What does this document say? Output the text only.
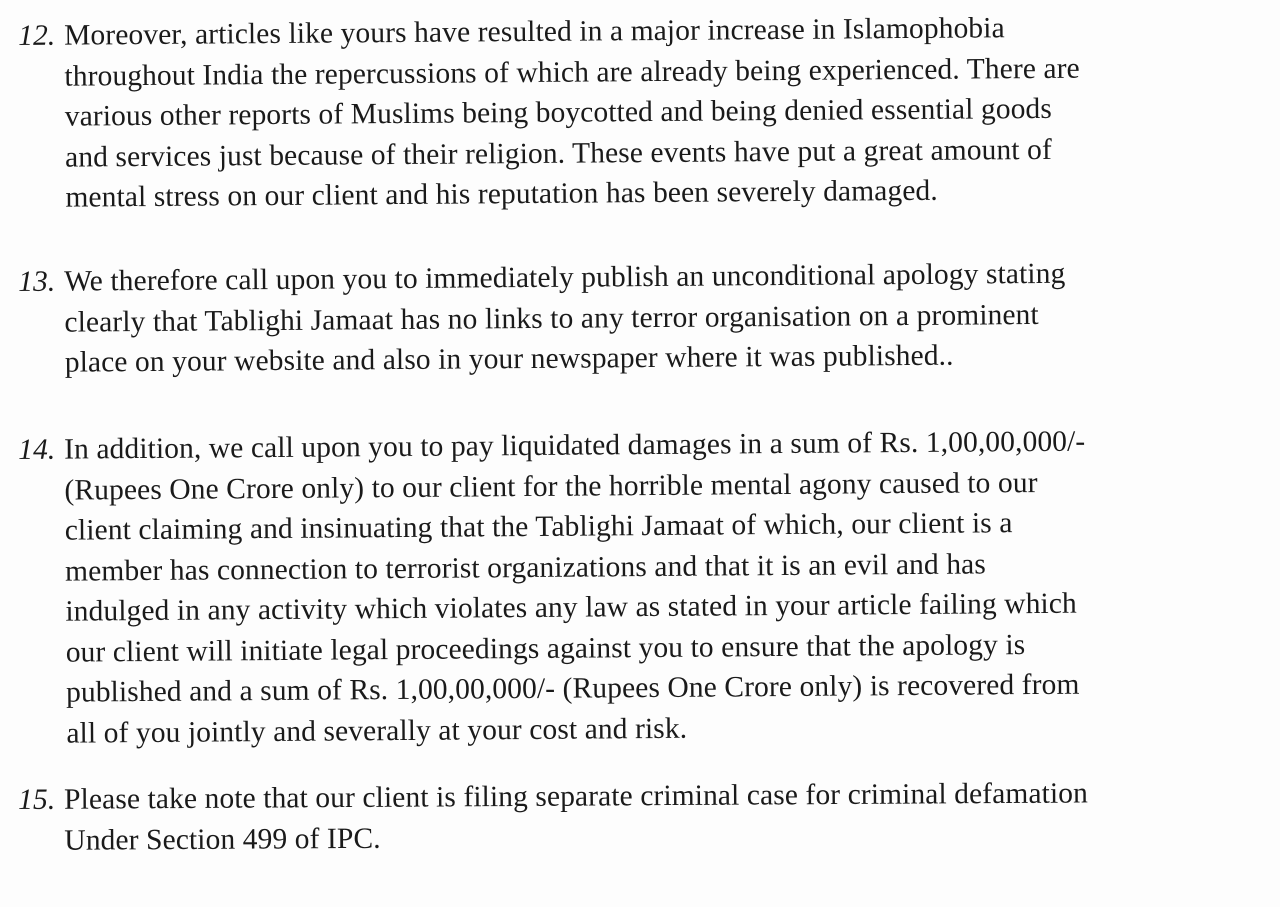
12. Moreover, articles like yours have resulted in a major increase in Islamophobia
throughout India the repercussions of which are already being experienced. There are
various other reports of Muslims being boycotted and being denied essential goods
and services just because of their religion. These events have put a great amount of
mental stress on our client and his reputation has been severely damaged.
13. We therefore call upon you to immediately publish an unconditional apology stating
clearly that Tablighi Jamaat has no links to any terror organisation on a prominent
place on your website and also in your newspaper where it was published..
14. In addition, we call upon you to pay liquidated damages in a sum of Rs. 1,00,00,000/-
(Rupees One Crore only) to our client for the horrible mental agony caused to our
client claiming and insinuating that the Tablighi Jamaat of which, our client is a
member has connection to terrorist organizations and that it is an evil and has
indulged in any activity which violates any law as stated in your article failing which
our client will initiate legal proceedings against you to ensure that the apology is
published and a sum of Rs. 1,00,00,000/- (Rupees One Crore only) is recovered from
all of you jointly and severally at your cost and risk.
15. Please take note that our client is filing separate criminal case for criminal defamation
Under Section 499 of IPC.
